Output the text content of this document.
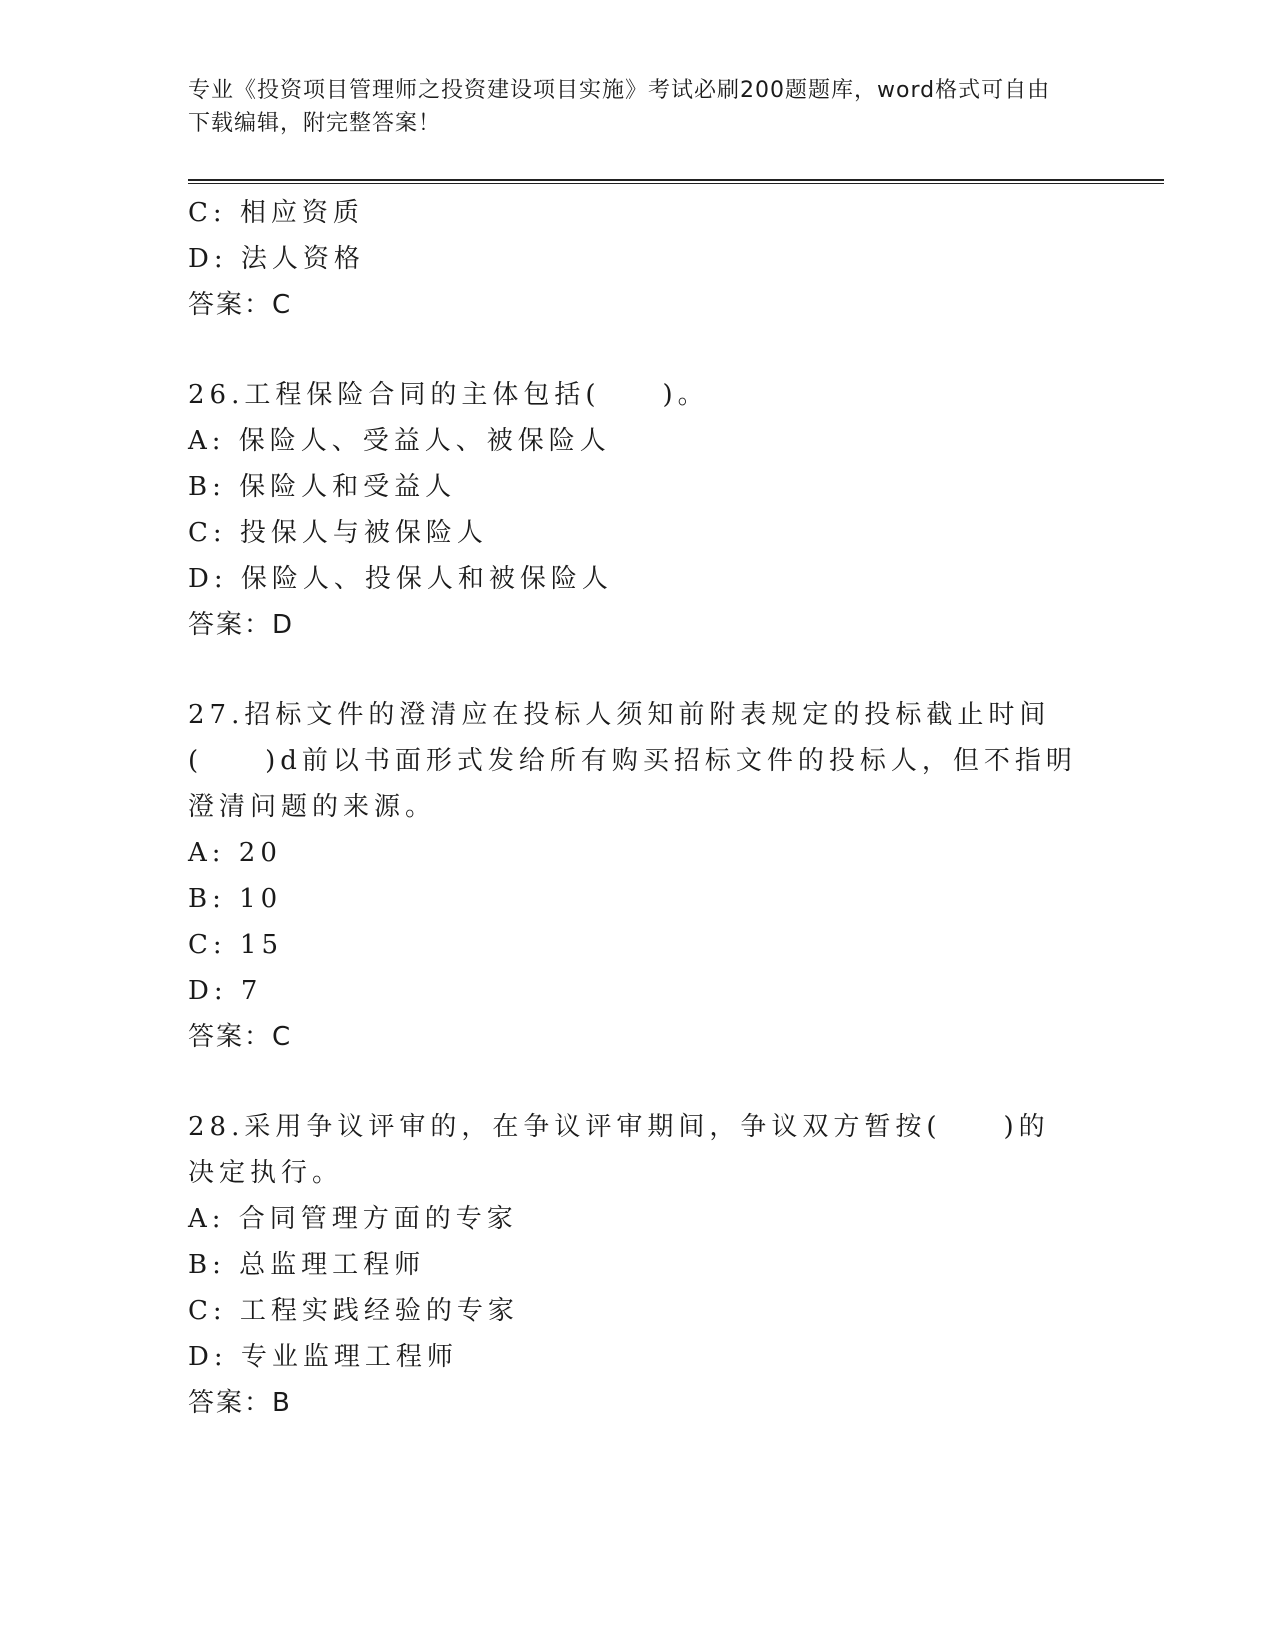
专业《投资项目管理师之投资建设项目实施》考试必刷200题题库，word格式可自由下载编辑，附完整答案！
C: 相应资质
D: 法人资格
答案：C
26.工程保险合同的主体包括(　　)。
A: 保险人、受益人、被保险人
B: 保险人和受益人
C: 投保人与被保险人
D: 保险人、投保人和被保险人
答案：D
27.招标文件的澄清应在投标人须知前附表规定的投标截止时间(　　)d前以书面形式发给所有购买招标文件的投标人，但不指明澄清问题的来源。
A: 20
B: 10
C: 15
D: 7
答案：C
28.采用争议评审的，在争议评审期间，争议双方暂按(　　)的决定执行。
A: 合同管理方面的专家
B: 总监理工程师
C: 工程实践经验的专家
D: 专业监理工程师
答案：B
